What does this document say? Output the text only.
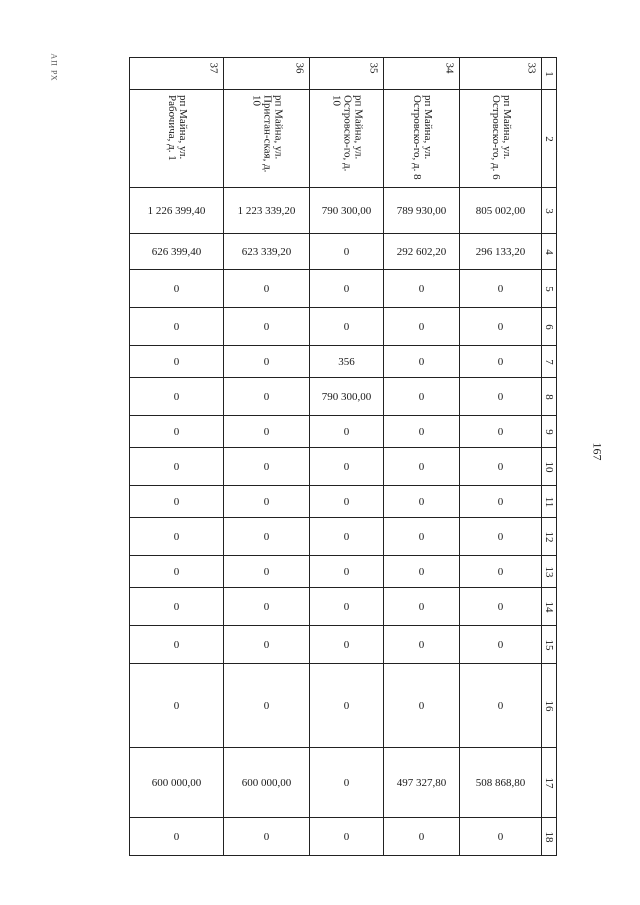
АП РХ
167
37	36	35	34	33	1

рп Майна, ул. Рабочича, д. 1	рп Майна, ул. Пристан-ская, д. 10	рп Майна, ул. Островско-го, д. 10	рп Майна, ул. Островско-го, д. 8	рп Майна, ул. Островско-го, д. 6	2

1 226 399,40	1 223 339,20	790 300,00	789 930,00	805 002,00	3

626 399,40	623 339,20	0	292 602,20	296 133,20	4

0	0	0	0	0	5

0	0	0	0	0	6

0	0	356	0	0	7

0	0	790 300,00	0	0	8

0	0	0	0	0	9

0	0	0	0	0	10

0	0	0	0	0	11

0	0	0	0	0	12

0	0	0	0	0	13

0	0	0	0	0	14

0	0	0	0	0	15

0	0	0	0	0	16

600 000,00	600 000,00	0	497 327,80	508 868,80	17

0	0	0	0	0	18
